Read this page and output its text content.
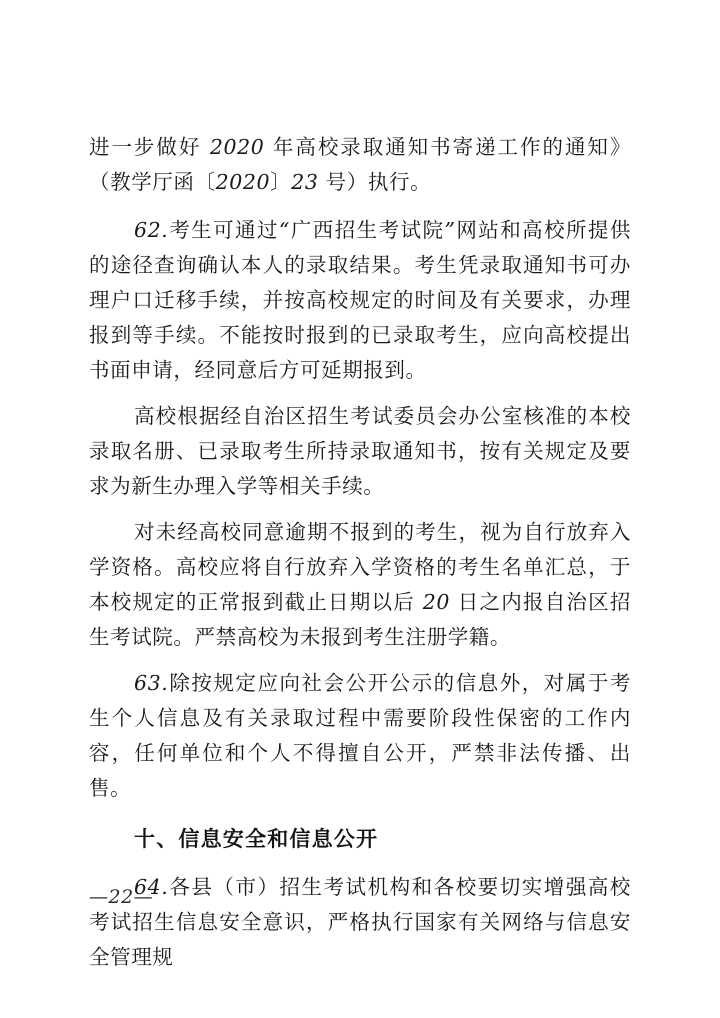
进一步做好 2020 年高校录取通知书寄递工作的通知》（教学厅函〔2020〕23 号）执行。

62.考生可通过“广西招生考试院”网站和高校所提供的途径查询确认本人的录取结果。考生凭录取通知书可办理户口迁移手续，并按高校规定的时间及有关要求，办理报到等手续。不能按时报到的已录取考生，应向高校提出书面申请，经同意后方可延期报到。

高校根据经自治区招生考试委员会办公室核准的本校录取名册、已录取考生所持录取通知书，按有关规定及要求为新生办理入学等相关手续。

对未经高校同意逾期不报到的考生，视为自行放弃入学资格。高校应将自行放弃入学资格的考生名单汇总，于本校规定的正常报到截止日期以后 20 日之内报自治区招生考试院。严禁高校为未报到考生注册学籍。

63.除按规定应向社会公开公示的信息外，对属于考生个人信息及有关录取过程中需要阶段性保密的工作内容，任何单位和个人不得擅自公开，严禁非法传播、出售。

十、信息安全和信息公开

64.各县（市）招生考试机构和各校要切实增强高校考试招生信息安全意识，严格执行国家有关网络与信息安全管理规

—22—
